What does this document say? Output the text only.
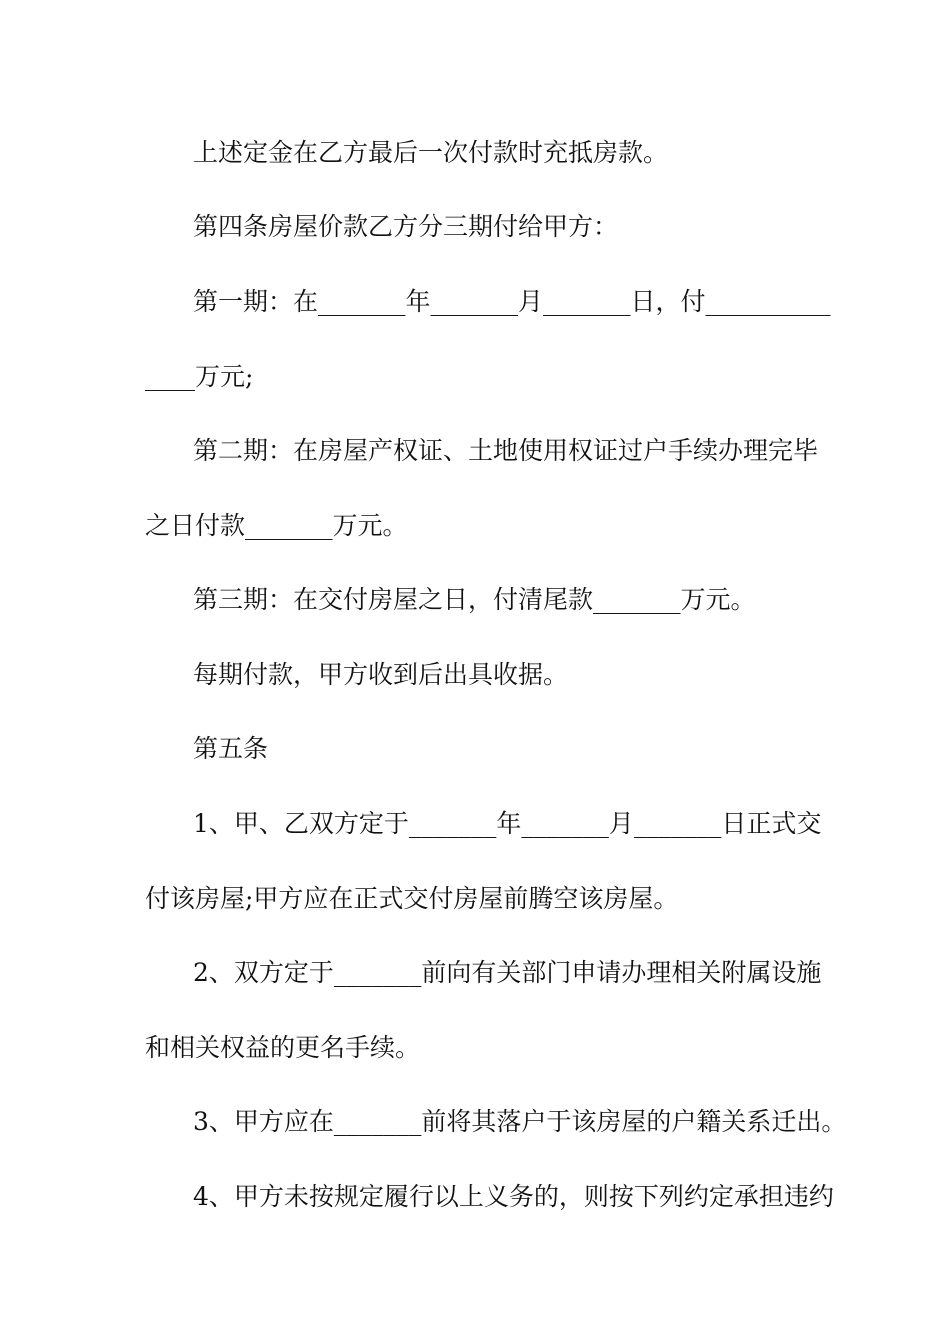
上述定金在乙方最后一次付款时充抵房款。
第四条房屋价款乙方分三期付给甲方：
第一期：在_______年_______月_______日，付__________
____万元;
第二期：在房屋产权证、土地使用权证过户手续办理完毕
之日付款_______万元。
第三期：在交付房屋之日，付清尾款_______万元。
每期付款，甲方收到后出具收据。
第五条
1、甲、乙双方定于_______年_______月_______日正式交
付该房屋;甲方应在正式交付房屋前腾空该房屋。
2、双方定于_______前向有关部门申请办理相关附属设施
和相关权益的更名手续。
3、甲方应在_______前将其落户于该房屋的户籍关系迁出。
4、甲方未按规定履行以上义务的，则按下列约定承担违约
